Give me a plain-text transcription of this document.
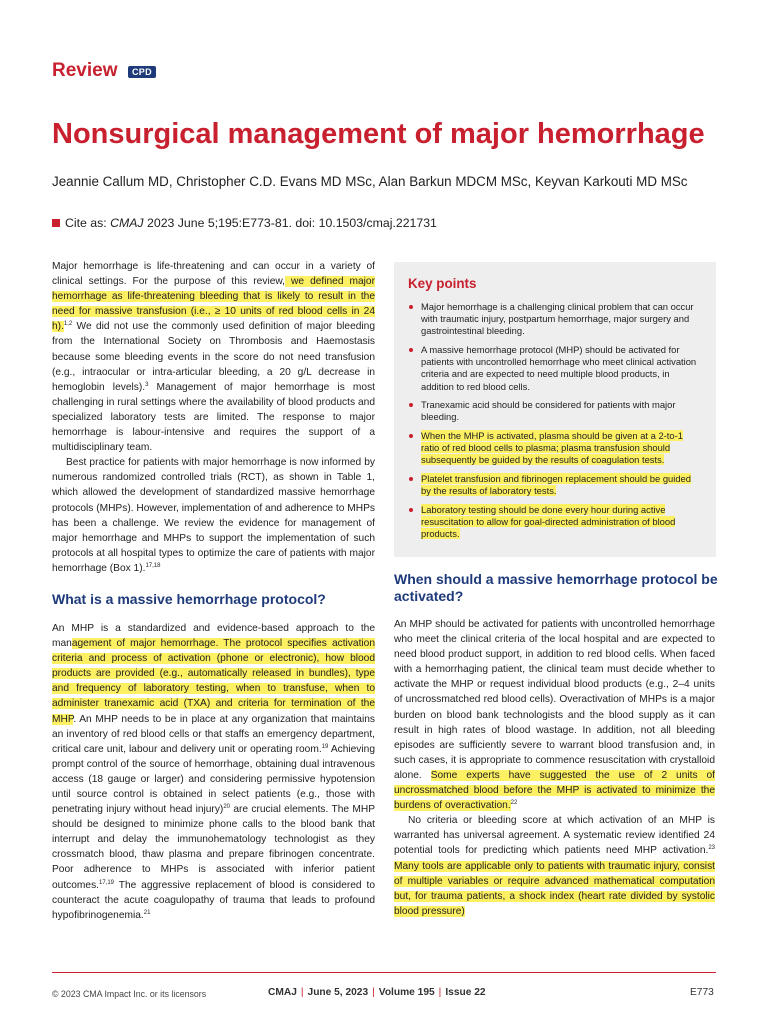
Review	CPD
Nonsurgical management of major hemorrhage
Jeannie Callum MD, Christopher C.D. Evans MD MSc, Alan Barkun MDCM MSc, Keyvan Karkouti MD MSc
Cite as: CMAJ 2023 June 5;195:E773-81. doi: 10.1503/cmaj.221731

Major hemorrhage is life-threatening and can occur in a variety of clinical settings. For the purpose of this review, we defined major hemorrhage as life-threatening bleeding that is likely to result in the need for massive transfusion (i.e., ≥ 10 units of red blood cells in 24 h).$^{1,2}$ We did not use the commonly used definition of major bleeding from the International Society on Thrombosis and Haemostasis because some bleeding events in the score do not need transfusion (e.g., intraocular or intra-articular bleeding, a 20 g/L decrease in hemoglobin levels).$^3$ Management of major hemorrhage is most challenging in rural settings where the availability of blood products and specialized laboratory tests are limited. The response to major hemorrhage is labour-intensive and requires the support of a multidisciplinary team.

Best practice for patients with major hemorrhage is now informed by numerous randomized controlled trials (RCT), as shown in Table 1, which allowed the development of standardized massive hemorrhage protocols (MHPs). However, implementation of and adherence to MHPs has been a challenge. We review the evidence for management of major hemorrhage and MHPs to support the implementation of such protocols at all hospital types to optimize the care of patients with major hemorrhage (Box 1).$^{17,18}$

What is a massive hemorrhage protocol?

An MHP is a standardized and evidence-based approach to the management of major hemorrhage. The protocol specifies activation criteria and process of activation (phone or electronic), how blood products are provided (e.g., automatically released in bundles), type and frequency of laboratory testing, when to transfuse, when to administer tranexamic acid (TXA) and criteria for termination of the MHP. An MHP needs to be in place at any organization that maintains an inventory of red blood cells or that staffs an emergency department, critical care unit, labour and delivery unit or operating room.$^{19}$ Achieving prompt control of the source of hemorrhage, obtaining dual intravenous access (18 gauge or larger) and considering permissive hypotension until source control is obtained in select patients (e.g., those with penetrating injury without head injury)$^{20}$ are crucial elements. The MHP should be designed to minimize phone calls to the blood bank that interrupt and delay the immunohematology technologist as they crossmatch blood, thaw plasma and prepare fibrinogen concentrate. Poor adherence to MHPs is associated with inferior patient outcomes.$^{17,19}$ The aggressive replacement of blood is considered to counteract the acute coagulopathy of trauma that leads to profound hypofibrinogenemia.$^{21}$

Key points
Major hemorrhage is a challenging clinical problem that can occur with traumatic injury, postpartum hemorrhage, major surgery and gastrointestinal bleeding.
A massive hemorrhage protocol (MHP) should be activated for patients with uncontrolled hemorrhage who meet clinical activation criteria and are expected to need multiple blood products, in addition to red blood cells.
Tranexamic acid should be considered for patients with major bleeding.
When the MHP is activated, plasma should be given at a 2-to-1 ratio of red blood cells to plasma; plasma transfusion should subsequently be guided by the results of coagulation tests.
Platelet transfusion and fibrinogen replacement should be guided by the results of laboratory tests.
Laboratory testing should be done every hour during active resuscitation to allow for goal-directed administration of blood products.
When should a massive hemorrhage protocol be activated?

An MHP should be activated for patients with uncontrolled hemorrhage who meet the clinical criteria of the local hospital and are expected to need blood product support, in addition to red blood cells. When faced with a hemorrhaging patient, the clinical team must decide whether to activate the MHP or request individual blood products (e.g., 2–4 units of uncrossmatched red blood cells). Overactivation of MHPs is a major burden on blood bank technologists and the blood supply as it can result in high rates of blood wastage. In addition, not all bleeding episodes are sufficiently severe to warrant blood transfusion and, in such cases, it is appropriate to commence resuscitation with crystalloid alone. Some experts have suggested the use of 2 units of uncrossmatched blood before the MHP is activated to minimize the burdens of overactivation.$^{22}$

No criteria or bleeding score at which activation of an MHP is warranted has universal agreement. A systematic review identified 24 potential tools for predicting which patients need MHP activation.$^{23}$ Many tools are applicable only to patients with traumatic injury, consist of multiple variables or require advanced mathematical computation but, for trauma patients, a shock index (heart rate divided by systolic blood pressure)

© 2023 CMA Impact Inc. or its licensors	CMAJ | June 5, 2023 | Volume 195 | Issue 22	E773
